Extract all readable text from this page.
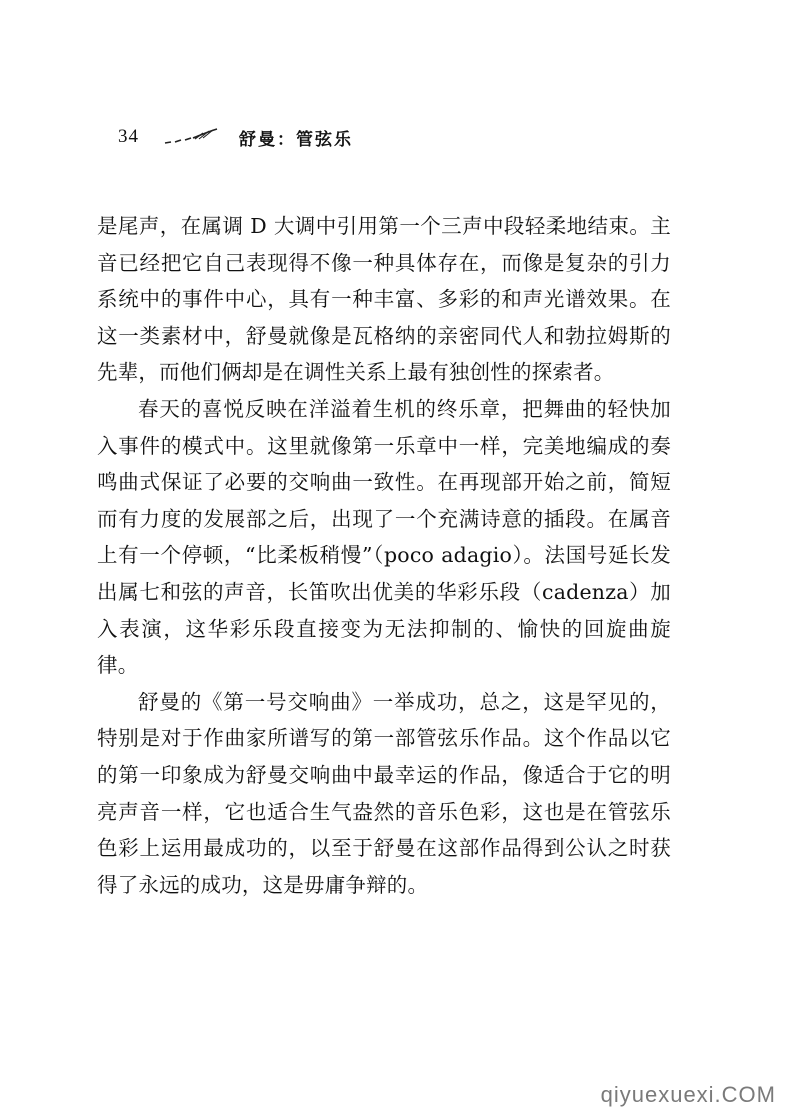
34	舒曼：管弦乐

是尾声，在属调 D 大调中引用第一个三声中段轻柔地结束。主音已经把它自己表现得不像一种具体存在，而像是复杂的引力系统中的事件中心，具有一种丰富、多彩的和声光谱效果。在这一类素材中，舒曼就像是瓦格纳的亲密同代人和勃拉姆斯的先辈，而他们俩却是在调性关系上最有独创性的探索者。

春天的喜悦反映在洋溢着生机的终乐章，把舞曲的轻快加入事件的模式中。这里就像第一乐章中一样，完美地编成的奏鸣曲式保证了必要的交响曲一致性。在再现部开始之前，简短而有力度的发展部之后，出现了一个充满诗意的插段。在属音上有一个停顿，“比柔板稍慢”（poco adagio）。法国号延长发出属七和弦的声音，长笛吹出优美的华彩乐段（cadenza）加入表演，这华彩乐段直接变为无法抑制的、愉快的回旋曲旋律。

舒曼的《第一号交响曲》一举成功，总之，这是罕见的，特别是对于作曲家所谱写的第一部管弦乐作品。这个作品以它的第一印象成为舒曼交响曲中最幸运的作品，像适合于它的明亮声音一样，它也适合生气盎然的音乐色彩，这也是在管弦乐色彩上运用最成功的，以至于舒曼在这部作品得到公认之时获得了永远的成功，这是毋庸争辩的。

qiyuexuexi.COM
